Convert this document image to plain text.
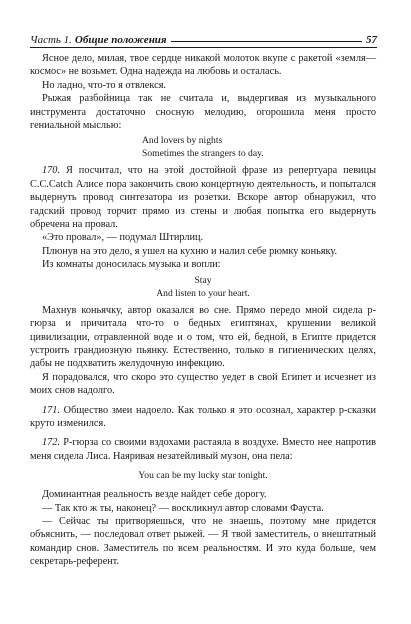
Часть 1. Общие положения	57

Ясное дело, милая, твое сердце никакой молоток вкупе с ракетой «земля—космос» не возьмет. Одна надежда на любовь и осталась.

Но ладно, что-то я отвлекся.

Рыжая разбойница так не считала и, выдергивая из музыкального инструмента достаточно сносную мелодию, огорошила меня просто гениальной мыслью:

And lovers by nights
Sometimes the strangers to day.

170. Я посчитал, что на этой достойной фразе из репертуара певицы С.С.Catch Алисе пора закончить свою концертную деятельность, и попытался выдернуть провод синтезатора из розетки. Вскоре автор обнаружил, что гадский провод торчит прямо из стены и любая попытка его выдернуть обречена на провал.

«Это провал», — подумал Штирлиц.

Плюнув на это дело, я ушел на кухню и налил себе рюмку коньяку.

Из комнаты доносилась музыка и вопли:

Stay
And listen to your heart.

Махнув коньячку, автор оказался во сне. Прямо передо мной сидела р-гюрза и причитала что-то о бедных египтянах, крушении великой цивилизации, отравленной воде и о том, что ей, бедной, в Египте придется устроить грандиозную пьянку. Естественно, только в гигиенических целях, дабы не подхватить желудочную инфекцию.

Я порадовался, что скоро это существо уедет в свой Египет и исчезнет из моих снов надолго.

171. Общество змеи надоело. Как только я это осознал, характер р-сказки круто изменился.

172. Р-гюрза со своими вздохами растаяла в воздухе. Вместо нее напротив меня сидела Лиса. Наяривая незатейливый музон, она пела:

You can be my lucky star tonight.

Доминантная реальность везде найдет себе дорогу.

— Так кто ж ты, наконец? — воскликнул автор словами Фауста.

— Сейчас ты притворяешься, что не знаешь, поэтому мне придется объяснить, — последовал ответ рыжей. — Я твой заместитель, о внештатный командир снов. Заместитель по всем реальностям. И это куда больше, чем секретарь-референт.
